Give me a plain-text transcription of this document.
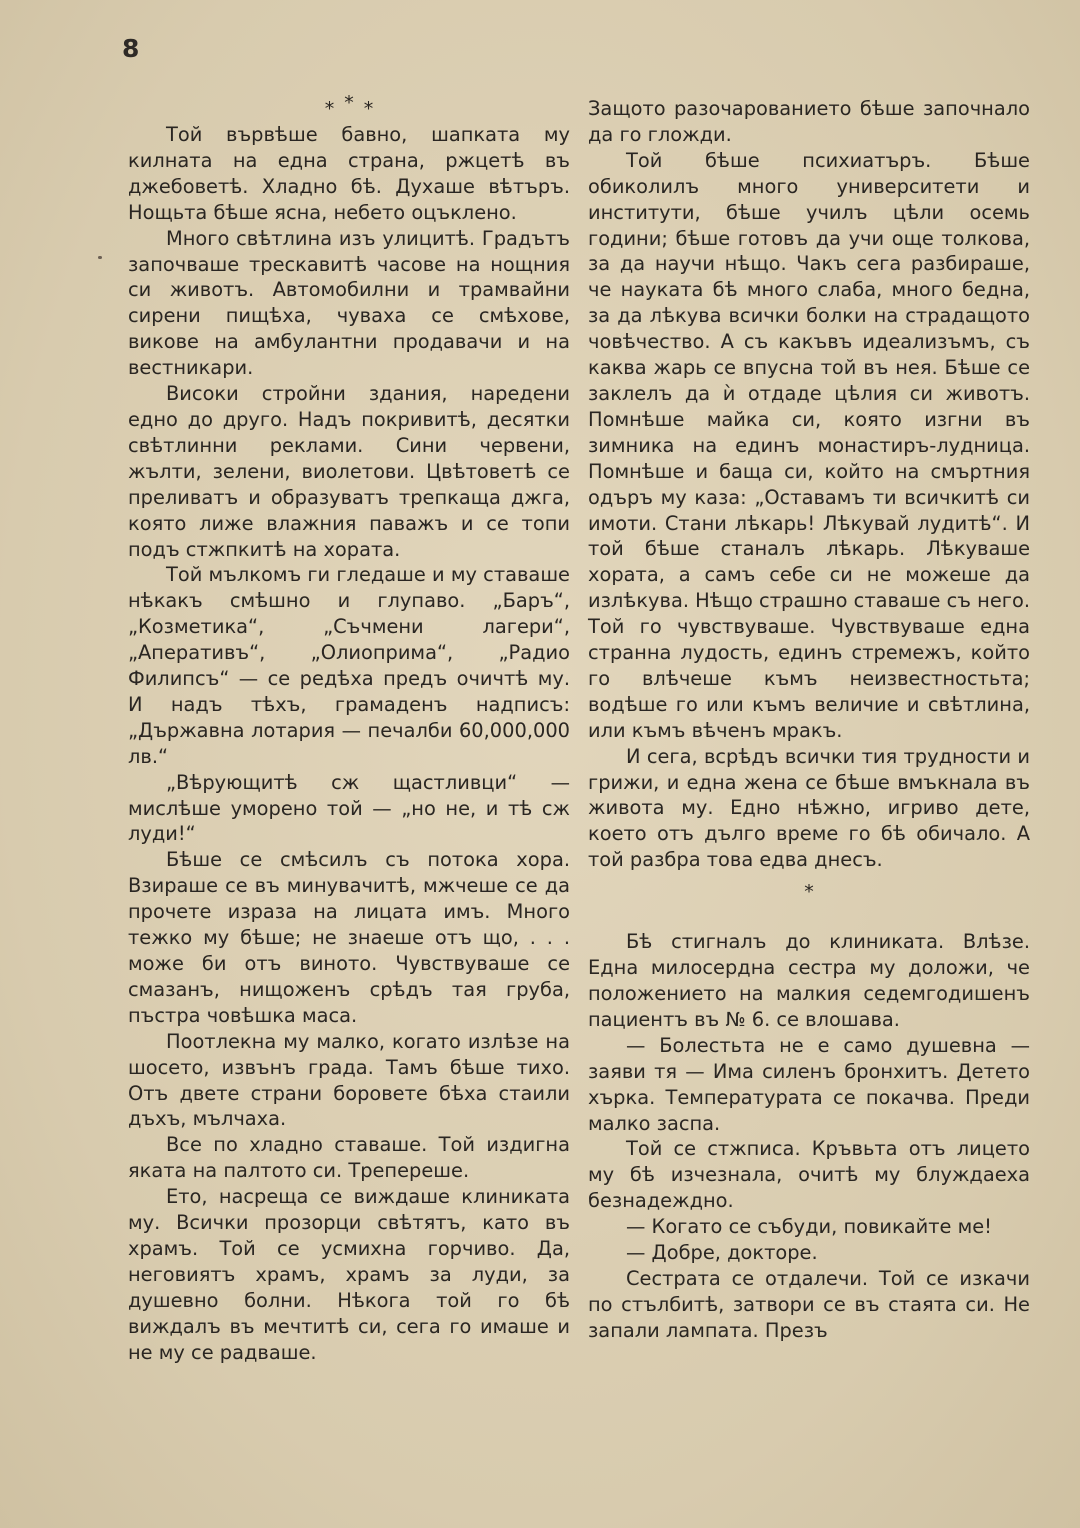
8
***

Той вървѣше бавно, шапката му килната на една страна, ржцетѣ въ джебоветѣ. Хладно бѣ. Духаше вѣтъръ. Нощьта бѣше ясна, небето оцъклено.

Много свѣтлина изъ улицитѣ. Градътъ започваше трескавитѣ часове на нощния си животъ. Автомобилни и трамвайни сирени пищѣха, чуваха се смѣхове, викове на амбулантни продавачи и на вестникари.

Високи стройни здания, наредени едно до друго. Надъ покривитѣ, десятки свѣтлинни реклами. Сини червени, жълти, зелени, виолетови. Цвѣтоветѣ се преливатъ и образуватъ трепкаща джга, която лиже влажния паважъ и се топи подъ стжпкитѣ на хората.

Той мълкомъ ги гледаше и му ставаше нѣкакъ смѣшно и глупаво. „Баръ“, „Козметика“, „Съчмени лагери“, „Аперативъ“, „Олиоприма“, „Радио Филипсъ“ — се редѣха предъ очичтѣ му. И надъ тѣхъ, грамаденъ надписъ: „Държавна лотария — печалби 60,000,000 лв.“

„Вѣрующитѣ сж щастливци“ — мислѣше уморено той — „но не, и тѣ сж луди!“

Бѣше се смѣсилъ съ потока хора. Взираше се въ минувачитѣ, мжчеше се да прочете израза на лицата имъ. Много тежко му бѣше; не знаеше отъ що, . . . може би отъ виното. Чувствуваше се смазанъ, нищоженъ срѣдъ тая груба, пъстра човѣшка маса.

Поотлекна му малко, когато излѣзе на шосето, извънъ града. Тамъ бѣше тихо. Отъ двете страни боровете бѣха стаили дъхъ, мълчаха.

Все по хладно ставаше. Той издигна яката на палтото си. Трепереше.

Ето, насреща се виждаше клиниката му. Всички прозорци свѣтятъ, като въ храмъ. Той се усмихна горчиво. Да, неговиятъ храмъ, храмъ за луди, за душевно болни. Нѣкога той го бѣ виждалъ въ мечтитѣ си, сега го имаше и не му се радваше.

Защото разочарованието бѣше започнало да го гложди.

Той бѣше психиатъръ. Бѣше обиколилъ много университети и институти, бѣше училъ цѣли осемь години; бѣше готовъ да учи още толкова, за да научи нѣщо. Чакъ сега разбираше, че науката бѣ много слаба, много бедна, за да лѣкува всички болки на страдащото човѣчество. А съ какъвъ идеализъмъ, съ каква жарь се впусна той въ нея. Бѣше се заклелъ да ѝ отдаде цѣлия си животъ. Помнѣше майка си, която изгни въ зимника на единъ монастиръ-лудница. Помнѣше и баща си, който на смъртния одъръ му каза: „Оставамъ ти всичкитѣ си имоти. Стани лѣкарь! Лѣкувай лудитѣ“. И той бѣше станалъ лѣкарь. Лѣкуваше хората, а самъ себе си не можеше да излѣкува. Нѣщо страшно ставаше съ него. Той го чувствуваше. Чувствуваше една странна лудость, единъ стремежъ, който го влѣчеше къмъ неизвестностьта; водѣше го или къмъ величие и свѣтлина, или къмъ вѣченъ мракъ.

И сега, всрѣдъ всички тия трудности и грижи, и една жена се бѣше вмъкнала въ живота му. Едно нѣжно, игриво дете, което отъ дълго време го бѣ обичало. А той разбра това едва днесъ.

*

Бѣ стигналъ до клиниката. Влѣзе. Една милосердна сестра му доложи, че положението на малкия седемгодишенъ пациентъ въ № 6. се влошава.

— Болестьта не е само душевна — заяви тя — Има силенъ бронхитъ. Детето хърка. Температурата се покачва. Преди малко заспа.

Той се стжписа. Кръвьта отъ лицето му бѣ изчезнала, очитѣ му блуждаеха безнадеждно.

— Когато се събуди, повикайте ме!

— Добре, докторе.

Сестрата се отдалечи. Той се изкачи по стълбитѣ, затвори се въ стаята си. Не запали лампата. Презъ
